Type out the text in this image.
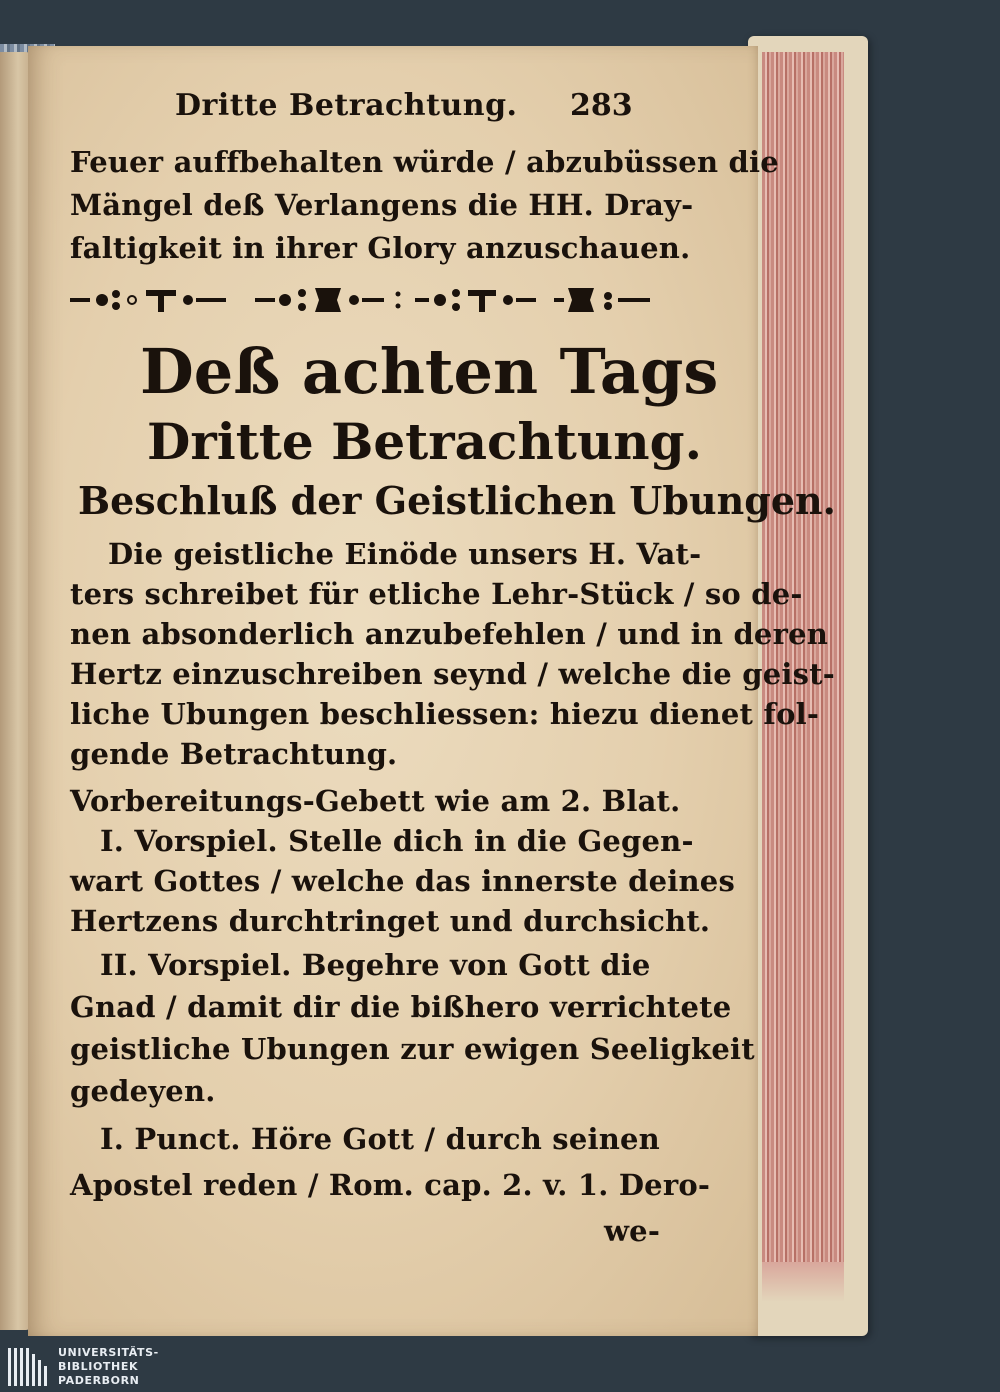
Dritte Betrachtung. 283
Feuer auffbehalten würde / abzubüssen die
Mängel deß Verlangens die HH. Dray-
faltigkeit in ihrer Glory anzuschauen.
Deß achten Tags
Dritte Betrachtung.
Beschluß der Geistlichen Ubungen.
Die geistliche Einöde unsers H. Vat-
ters schreibet für etliche Lehr-Stück / so de-
nen absonderlich anzubefehlen / und in deren
Hertz einzuschreiben seynd / welche die geist-
liche Ubungen beschliessen: hiezu dienet fol-
gende Betrachtung.
Vorbereitungs-Gebett wie am 2. Blat.
I. Vorspiel. Stelle dich in die Gegen-
wart Gottes / welche das innerste deines
Hertzens durchtringet und durchsicht.
II. Vorspiel. Begehre von Gott die
Gnad / damit dir die bißhero verrichtete
geistliche Ubungen zur ewigen Seeligkeit
gedeyen.
I. Punct. Höre Gott / durch seinen
Apostel reden / Rom. cap. 2. v. 1. Dero-
we-
UNIVERSITÄTS-
BIBLIOTHEK
PADERBORN
